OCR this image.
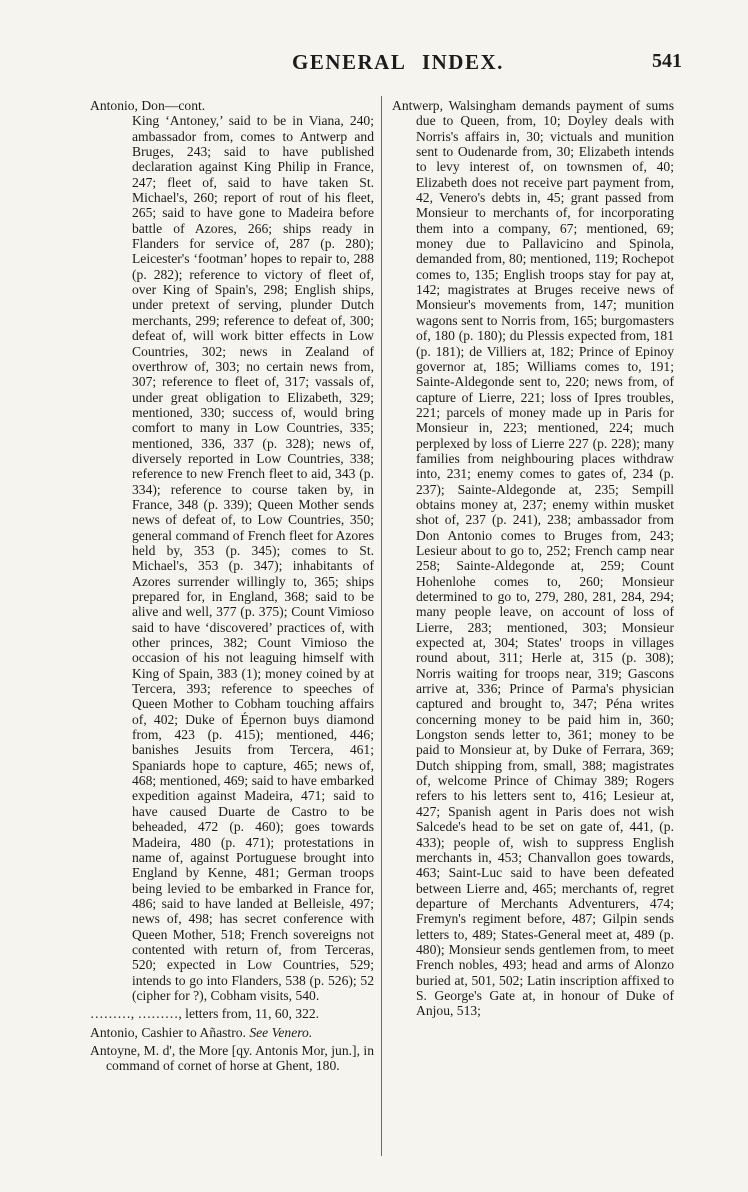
GENERAL INDEX.	541
Antonio, Don—cont.
King ‘Antoney,’ said to be in Viana, 240; ambassador from, comes to Antwerp and Bruges, 243; said to have published declaration against King Philip in France, 247; fleet of, said to have taken St. Michael's, 260; report of rout of his fleet, 265; said to have gone to Madeira before battle of Azores, 266; ships ready in Flanders for service of, 287 (p. 280); Leicester's ‘footman’ hopes to repair to, 288 (p. 282); reference to victory of fleet of, over King of Spain's, 298; English ships, under pretext of serving, plunder Dutch merchants, 299; reference to defeat of, 300; defeat of, will work bitter effects in Low Countries, 302; news in Zealand of overthrow of, 303; no certain news from, 307; reference to fleet of, 317; vassals of, under great obligation to Elizabeth, 329; mentioned, 330; success of, would bring comfort to many in Low Countries, 335; mentioned, 336, 337 (p. 328); news of, diversely reported in Low Countries, 338; reference to new French fleet to aid, 343 (p. 334); reference to course taken by, in France, 348 (p. 339); Queen Mother sends news of defeat of, to Low Countries, 350; general command of French fleet for Azores held by, 353 (p. 345); comes to St. Michael's, 353 (p. 347); inhabitants of Azores surrender willingly to, 365; ships prepared for, in England, 368; said to be alive and well, 377 (p. 375); Count Vimioso said to have ‘discovered’ practices of, with other princes, 382; Count Vimioso the occasion of his not leaguing himself with King of Spain, 383 (1); money coined by at Tercera, 393; reference to speeches of Queen Mother to Cobham touching affairs of, 402; Duke of Épernon buys diamond from, 423 (p. 415); mentioned, 446; banishes Jesuits from Tercera, 461; Spaniards hope to capture, 465; news of, 468; mentioned, 469; said to have embarked expedition against Madeira, 471; said to have caused Duarte de Castro to be beheaded, 472 (p. 460); goes towards Madeira, 480 (p. 471); protestations in name of, against Portuguese brought into England by Kenne, 481; German troops being levied to be embarked in France for, 486; said to have landed at Belleisle, 497; news of, 498; has secret conference with Queen Mother, 518; French sovereigns not contented with return of, from Terceras, 520; expected in Low Countries, 529; intends to go into Flanders, 538 (p. 526); 52 (cipher for ?), Cobham visits, 540.
………, ………, letters from, 11, 60, 322.
Antonio, Cashier to Añastro. See Venero.
Antoyne, M. d', the More [qy. Antonis Mor, jun.], in command of cornet of horse at Ghent, 180.
Antwerp, Walsingham demands payment of sums due to Queen, from, 10; Doyley deals with Norris's affairs in, 30; victuals and munition sent to Oudenarde from, 30; Elizabeth intends to levy interest of, on townsmen of, 40; Elizabeth does not receive part payment from, 42, Venero's debts in, 45; grant passed from Monsieur to merchants of, for incorporating them into a company, 67; mentioned, 69; money due to Pallavicino and Spinola, demanded from, 80; mentioned, 119; Rochepot comes to, 135; English troops stay for pay at, 142; magistrates at Bruges receive news of Monsieur's movements from, 147; munition wagons sent to Norris from, 165; burgomasters of, 180 (p. 180); du Plessis expected from, 181 (p. 181); de Villiers at, 182; Prince of Epinoy governor at, 185; Williams comes to, 191; Sainte-Aldegonde sent to, 220; news from, of capture of Lierre, 221; loss of Ipres troubles, 221; parcels of money made up in Paris for Monsieur in, 223; mentioned, 224; much perplexed by loss of Lierre 227 (p. 228); many families from neighbouring places withdraw into, 231; enemy comes to gates of, 234 (p. 237); Sainte-Aldegonde at, 235; Sempill obtains money at, 237; enemy within musket shot of, 237 (p. 241), 238; ambassador from Don Antonio comes to Bruges from, 243; Lesieur about to go to, 252; French camp near 258; Sainte-Aldegonde at, 259; Count Hohenlohe comes to, 260; Monsieur determined to go to, 279, 280, 281, 284, 294; many people leave, on account of loss of Lierre, 283; mentioned, 303; Monsieur expected at, 304; States' troops in villages round about, 311; Herle at, 315 (p. 308); Norris waiting for troops near, 319; Gascons arrive at, 336; Prince of Parma's physician captured and brought to, 347; Péna writes concerning money to be paid him in, 360; Longston sends letter to, 361; money to be paid to Monsieur at, by Duke of Ferrara, 369; Dutch shipping from, small, 388; magistrates of, welcome Prince of Chimay 389; Rogers refers to his letters sent to, 416; Lesieur at, 427; Spanish agent in Paris does not wish Salcede's head to be set on gate of, 441, (p. 433); people of, wish to suppress English merchants in, 453; Chanvallon goes towards, 463; Saint-Luc said to have been defeated between Lierre and, 465; merchants of, regret departure of Merchants Adventurers, 474; Fremyn's regiment before, 487; Gilpin sends letters to, 489; States-General meet at, 489 (p. 480); Monsieur sends gentlemen from, to meet French nobles, 493; head and arms of Alonzo buried at, 501, 502; Latin inscription affixed to S. George's Gate at, in honour of Duke of Anjou, 513;
